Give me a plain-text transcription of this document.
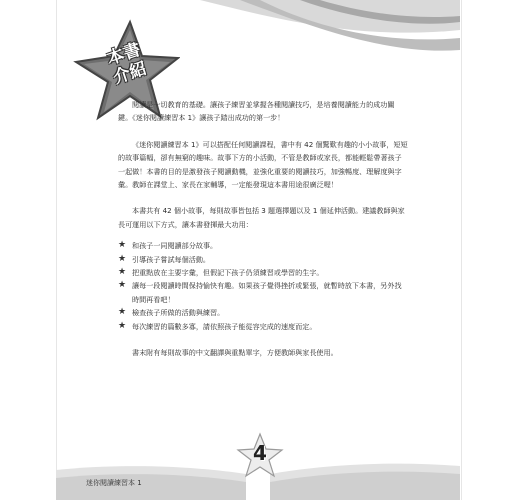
本書
介紹

閱讀是一切教育的基礎。讓孩子練習並掌握各種閱讀技巧，是培養閱讀能力的成功關鍵。《迷你閱讀練習本 1》讓孩子踏出成功的第一步！

《迷你閱讀練習本 1》可以搭配任何閱讀課程，書中有 42 個驚歎有趣的小小故事，短短的故事篇幅，卻有無窮的趣味。故事下方的小活動，不管是教師或家長，都能輕鬆帶著孩子一起做！本書的目的是激發孩子閱讀動機，並強化重要的閱讀技巧，加強暢度、理解度與字彙。教師在課堂上、家長在家輔導，一定能發現這本書用途很廣泛喔！

本書共有 42 個小故事，每則故事皆包括 3 題選擇題以及 1 個延伸活動。建議教師與家長可運用以下方式，讓本書發揮最大功用：

★ 和孩子一同閱讀部分故事。
★ 引導孩子嘗試每個活動。
★ 把重點放在主要字彙，但假記下孩子仍須練習或學習的生字。
★ 讓每一段閱讀時間保持愉快有趣。如果孩子覺得挫折或緊張，就暫時放下本書，另外找時間再看吧！
★ 檢查孩子所做的活動與練習。
★ 每次練習的篇數多寡，請依照孩子能從容完成的速度而定。

書末附有每則故事的中文翻譯與重點單字，方便教師與家長使用。

4
迷你閱讀練習本 1
